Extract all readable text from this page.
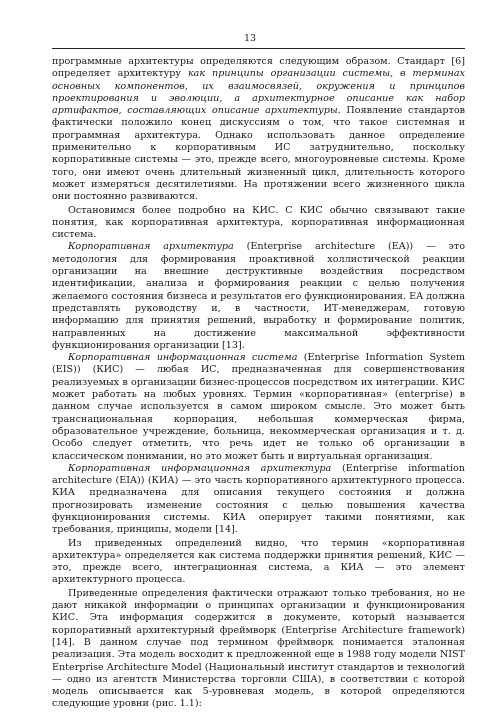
13

программные архитектуры определяются следующим образом. Стандарт [6] определяет архитектуру как принципы организации системы, в терминах основных компонентов, их взаимосвязей, окружения и принципов проектирования и эволюции, а архитектурное описание как набор артифактов, составляющих описание архитектуры. Появление стандартов фактически положило конец дискуссиям о том, что такое системная и программная архитектура. Однако использовать данное определение применительно к корпоративным ИС затруднительно, поскольку корпоративные системы — это, прежде всего, многоуровневые системы. Кроме того, они имеют очень длительный жизненный цикл, длительность которого может измеряться десятилетиями. На протяжении всего жизненного цикла они постоянно развиваются.

Остановимся более подробно на КИС. С КИС обычно связывают такие понятия, как корпоративная архитектура, корпоративная информационная система.

Корпоративная архитектура (Enterprise architecture (EA)) — это методология для формирования проактивной холлистической реакции организации на внешние деструктивные воздействия посредством идентификации, анализа и формирования реакции с целью получения желаемого состояния бизнеса и результатов его функционирования. EA должна представлять руководству и, в частности, ИТ-менеджерам, готовую информацию для принятия решений, выработку и формирование политик, направленных на достижение максимальной эффективности функционирования организации [13].

Корпоративная информационная система (Enterprise Information System (EIS)) (КИС) — любая ИС, предназначенная для совершенствования реализуемых в организации бизнес-процессов посредством их интеграции. КИС может работать на любых уровнях. Термин «корпоративная» (enterprise) в данном случае используется в самом широком смысле. Это может быть транснациональная корпорация, небольшая коммерческая фирма, образовательное учреждение, больница, некоммерческая организация и т. д. Особо следует отметить, что речь идет не только об организации в классическом понимании, но это может быть и виртуальная организация.

Корпоративная информационная архитектура (Enterprise information architecture (EIA)) (КИА) — это часть корпоративного архитектурного процесса. КИА предназначена для описания текущего состояния и должна прогнозировать изменение состояния с целью повышения качества функционирования системы. КИА оперирует такими понятиями, как требования, принципы, модели [14].

Из приведенных определений видно, что термин «корпоративная архитектура» определяется как система поддержки принятия решений, КИС — это, прежде всего, интеграционная система, а КИА — это элемент архитектурного процесса.

Приведенные определения фактически отражают только требования, но не дают никакой информации о принципах организации и функционирования КИС. Эта информация содержится в документе, который называется корпоративный архитектурный фреймворк (Enterprise Architecture framework) [14]. В данном случае под термином фреймворк понимается эталонная реализация. Эта модель восходит к предложенной еще в 1988 году модели NIST Enterprise Architecture Model (Национальный институт стандартов и технологий — одно из агентств Министерства торговли США), в соответствии с которой модель описывается как 5-уровневая модель, в которой определяются следующие уровни (рис. 1.1):
